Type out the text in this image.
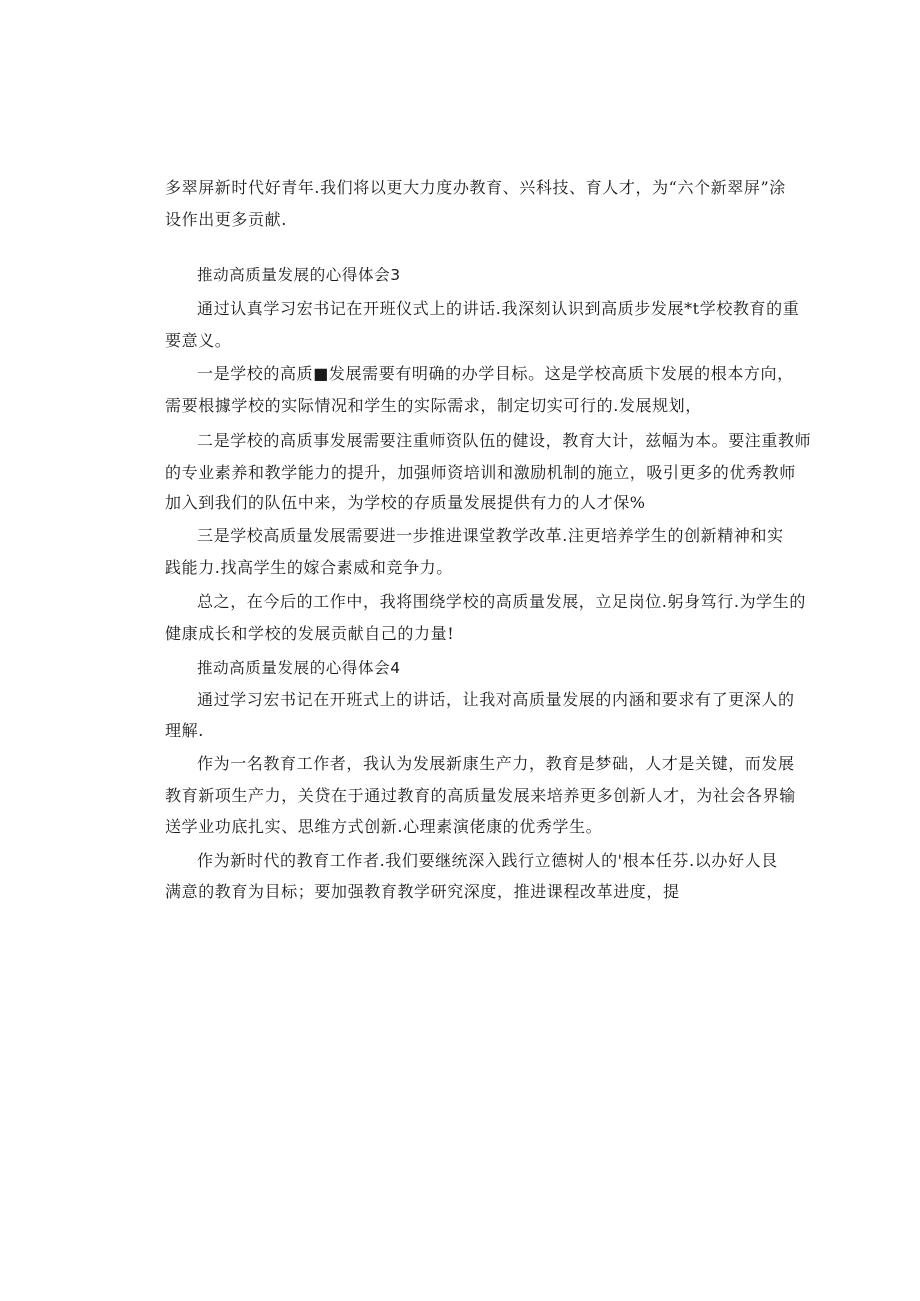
多翠屏新时代好青年.我们将以更大力度办教育、兴科技、育人才，为“六个新翠屏”涂
设作出更多贡献.
推动高质量发展的心得体会3
通过认真学习宏书记在开班仪式上的讲话.我深刻认识到高质步发展*t学校教育的重
要意义。
一是学校的高质■发展需要有明确的办学目标。这是学校高质卞发展的根本方向，
需要根據学校的实际情况和学生的实际需求，制定切实可行的.发展规划，
二是学校的高质事发展需要注重师资队伍的健设，教育大计，兹幅为本。要注重教师
的专业素养和教学能力的提升，加强师资培训和激励机制的施立，吸引更多的优秀教师
加入到我们的队伍中来，为学校的存质量发展提供有力的人才保%
三是学校高质量发展需要进一步推进课堂教学改革.注更培养学生的创新精神和实
践能力.找高学生的嫁合素威和竞争力。
总之，在今后的工作中，我将围绕学校的高质量发展，立足岗位.躬身笃行.为学生的
健康成长和学校的发展贡献自己的力量!
推动高质量发展的心得体会4
通过学习宏书记在开班式上的讲话，让我对高质量发展的内涵和要求有了更深人的
理解.
作为一名教育工作者，我认为发展新康生产力，教育是梦础，人才是关键，而发展
教育新项生产力，关贷在于通过教育的高质量发展来培养更多创新人才，为社会各界输
送学业功底扎实、思维方式创新.心理素演佬康的优秀学生。
作为新时代的教育工作者.我们要继统深入践行立德树人的'根本任芬.以办好人艮
满意的教育为目标；要加强教育教学研究深度，推进课程改革进度，提
